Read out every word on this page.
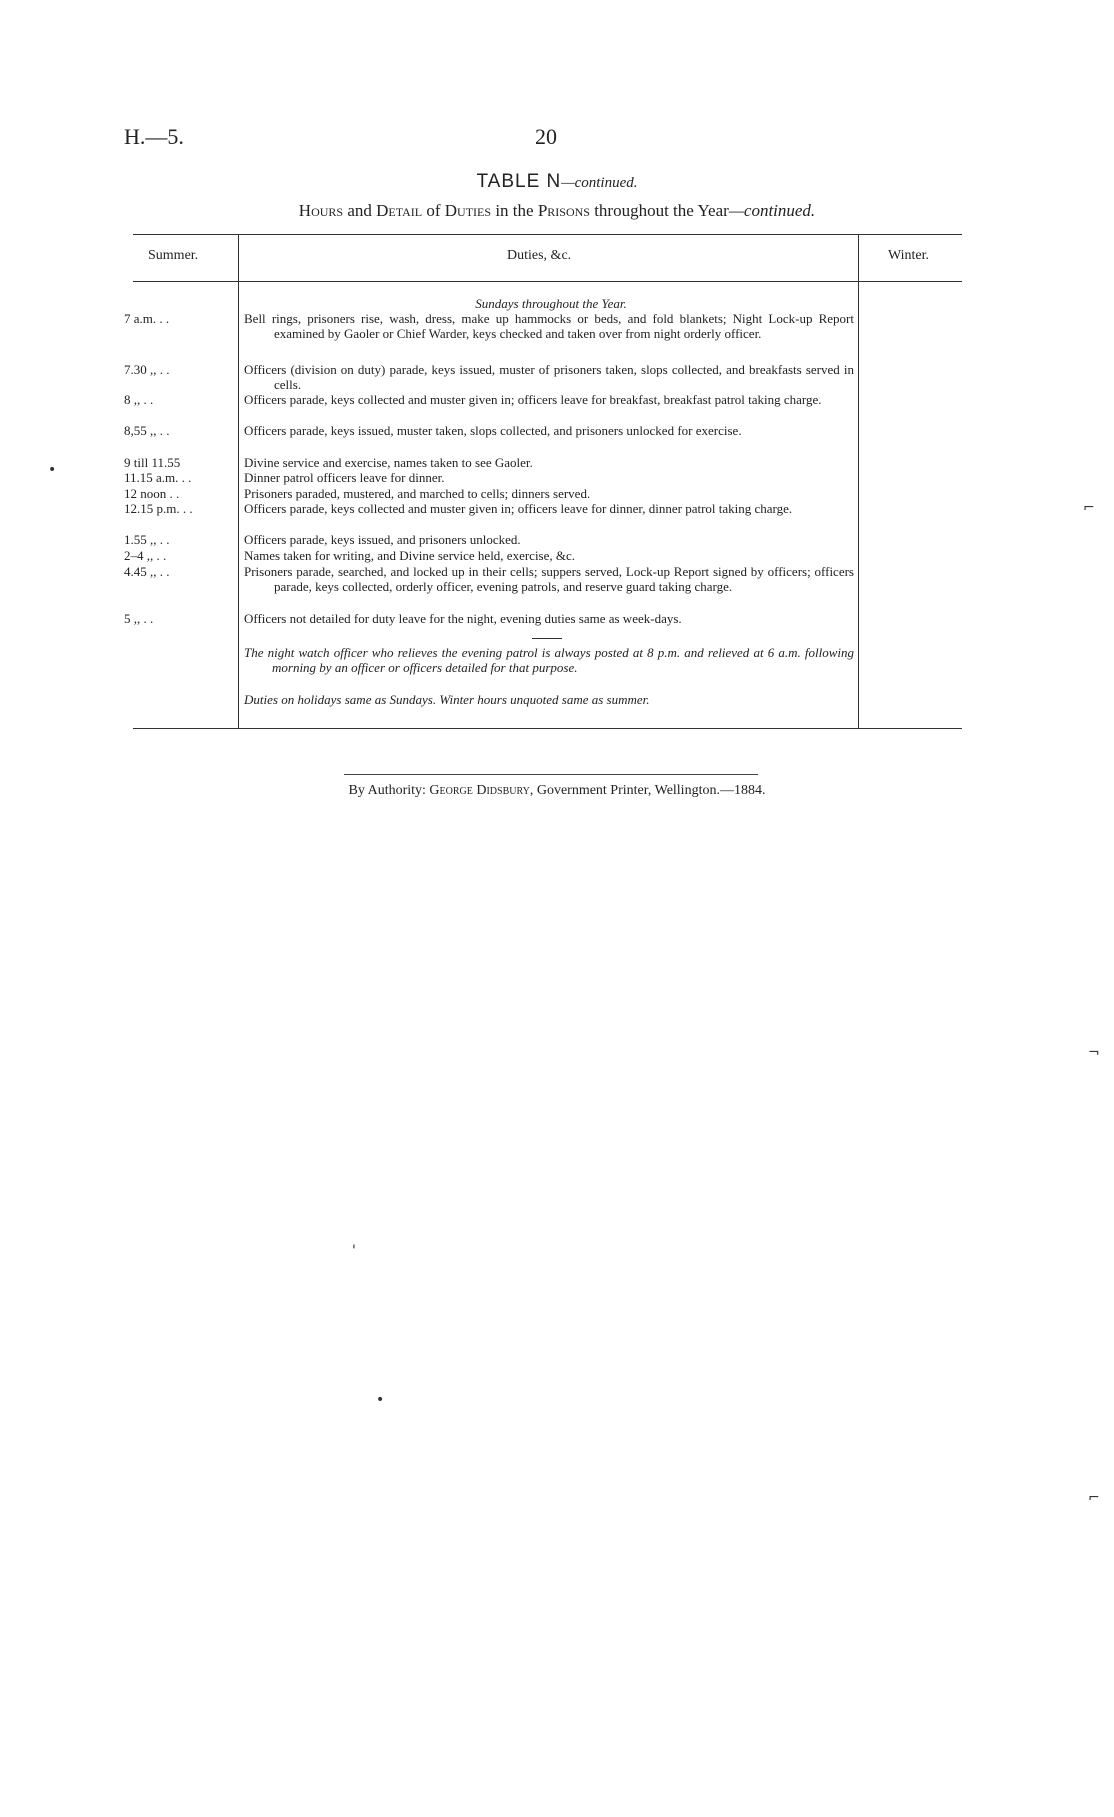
H.—5.	20
TABLE N—continued.
Hours and Detail of Duties in the Prisons throughout the Year—continued.
Summer.	Duties, &c.	Winter.
Sundays throughout the Year.
7 a.m. . .	Bell rings, prisoners rise, wash, dress, make up hammocks or beds, and fold blankets; Night Lock-up Report examined by Gaoler or Chief Warder, keys checked and taken over from night orderly officer.
7.30 ,, . .	Officers (division on duty) parade, keys issued, muster of prisoners taken, slops collected, and breakfasts served in cells.
8 ,, . .	Officers parade, keys collected and muster given in; officers leave for breakfast, breakfast patrol taking charge.
8,55 ,, . .	Officers parade, keys issued, muster taken, slops collected, and prisoners unlocked for exercise.
9 till 11.55	Divine service and exercise, names taken to see Gaoler.
11.15 a.m. . .	Dinner patrol officers leave for dinner.
12 noon . .	Prisoners paraded, mustered, and marched to cells; dinners served.
12.15 p.m. . .	Officers parade, keys collected and muster given in; officers leave for dinner, dinner patrol taking charge.
1.55 ,, . .	Officers parade, keys issued, and prisoners unlocked.
2–4 ,, . .	Names taken for writing, and Divine service held, exercise, &c.
4.45 ,, . .	Prisoners parade, searched, and locked up in their cells; suppers served, Lock-up Report signed by officers; officers parade, keys collected, orderly officer, evening patrols, and reserve guard taking charge.
5 ,, . .	Officers not detailed for duty leave for the night, evening duties same as week-days.
The night watch officer who relieves the evening patrol is always posted at 8 p.m. and relieved at 6 a.m. following morning by an officer or officers detailed for that purpose.
Duties on holidays same as Sundays. Winter hours unquoted same as summer.
By Authority: George Didsbury, Government Printer, Wellington.—1884.
•
⌐
¬
⌐
'
•
